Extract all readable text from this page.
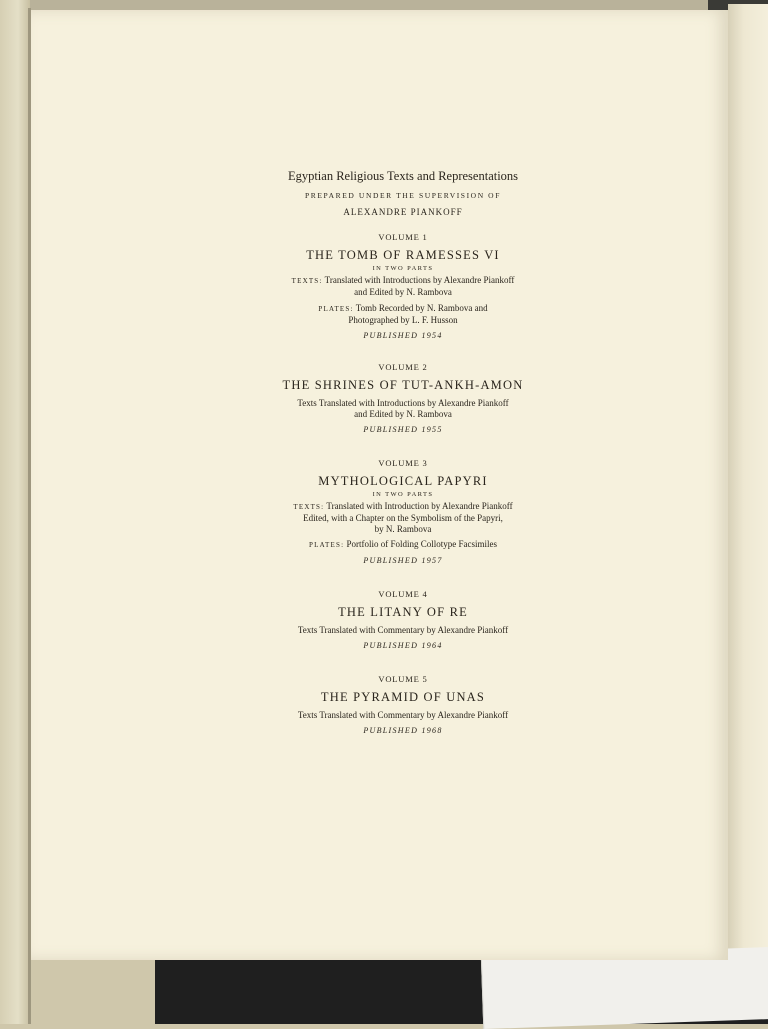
Egyptian Religious Texts and Representations
PREPARED UNDER THE SUPERVISION OF
ALEXANDRE PIANKOFF
VOLUME 1
THE TOMB OF RAMESSES VI
IN TWO PARTS
TEXTS: Translated with Introductions by Alexandre Piankoff
and Edited by N. Rambova
PLATES: Tomb Recorded by N. Rambova and
Photographed by L. F. Husson
PUBLISHED 1954
VOLUME 2
THE SHRINES OF TUT-ANKH-AMON
Texts Translated with Introductions by Alexandre Piankoff
and Edited by N. Rambova
PUBLISHED 1955
VOLUME 3
MYTHOLOGICAL PAPYRI
IN TWO PARTS
TEXTS: Translated with Introduction by Alexandre Piankoff
Edited, with a Chapter on the Symbolism of the Papyri,
by N. Rambova
PLATES: Portfolio of Folding Collotype Facsimiles
PUBLISHED 1957
VOLUME 4
THE LITANY OF RE
Texts Translated with Commentary by Alexandre Piankoff
PUBLISHED 1964
VOLUME 5
THE PYRAMID OF UNAS
Texts Translated with Commentary by Alexandre Piankoff
PUBLISHED 1968
